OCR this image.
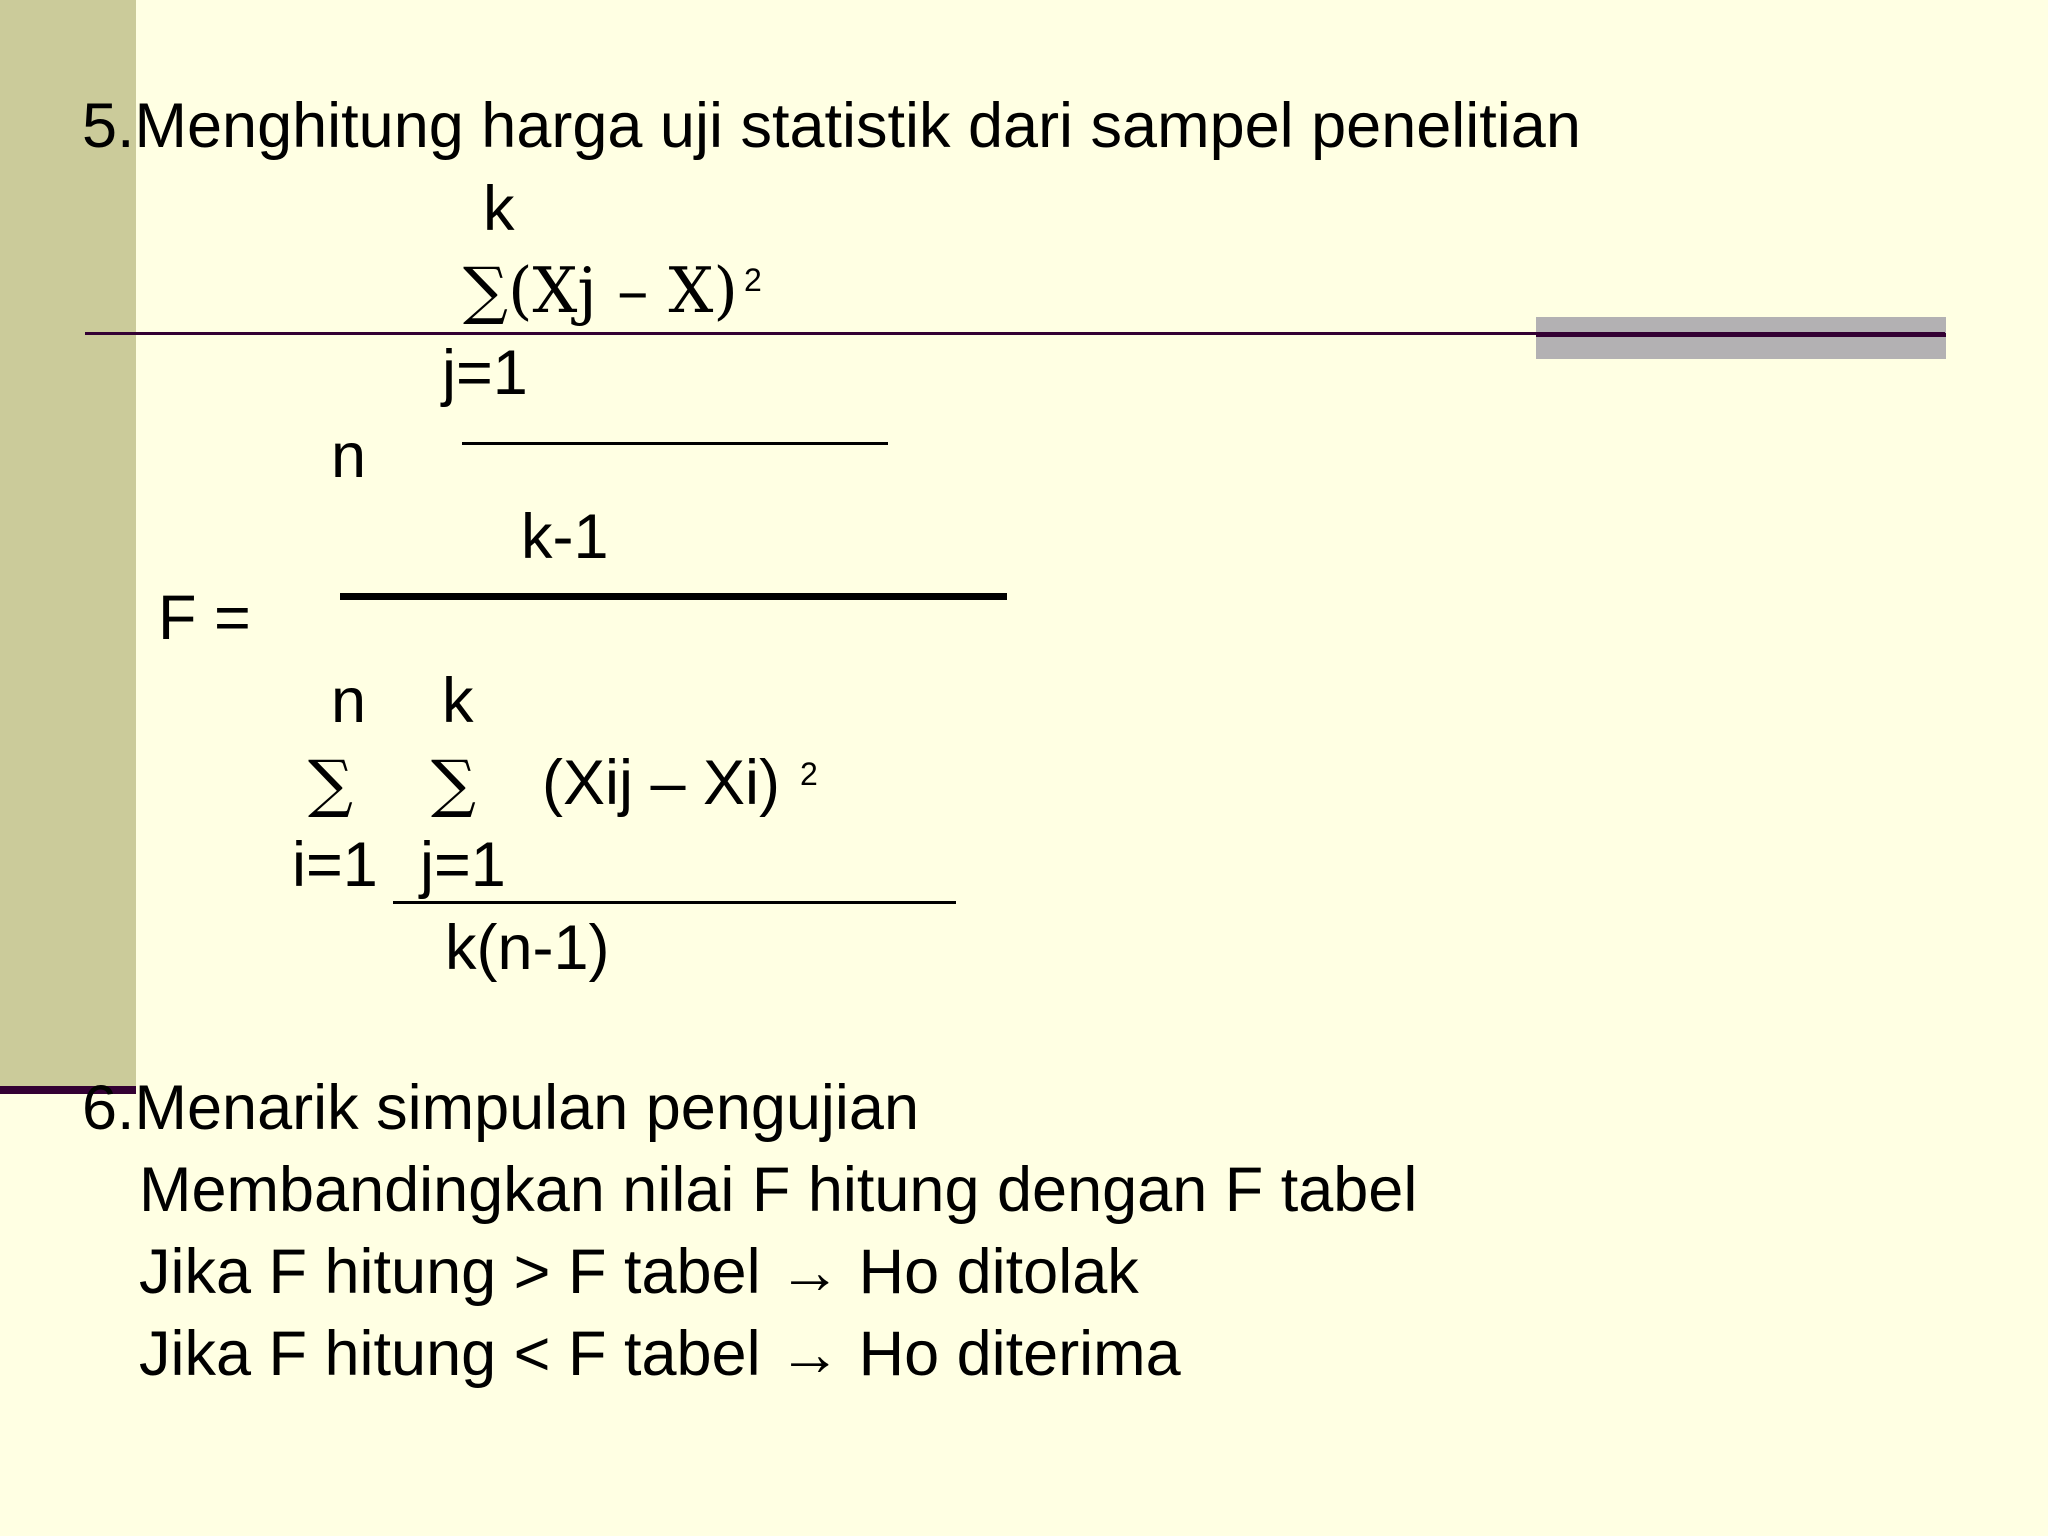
5.Menghitung harga uji statistik dari sampel penelitian
k
∑(Xj – X) 2
j=1
n
k-1
F =
n k
∑ ∑ (Xij – Xi) 2
i=1 j=1
k(n-1)
6.Menarik simpulan pengujian
Membandingkan nilai F hitung dengan F tabel
Jika F hitung > F tabel → Ho ditolak
Jika F hitung < F tabel → Ho diterima
